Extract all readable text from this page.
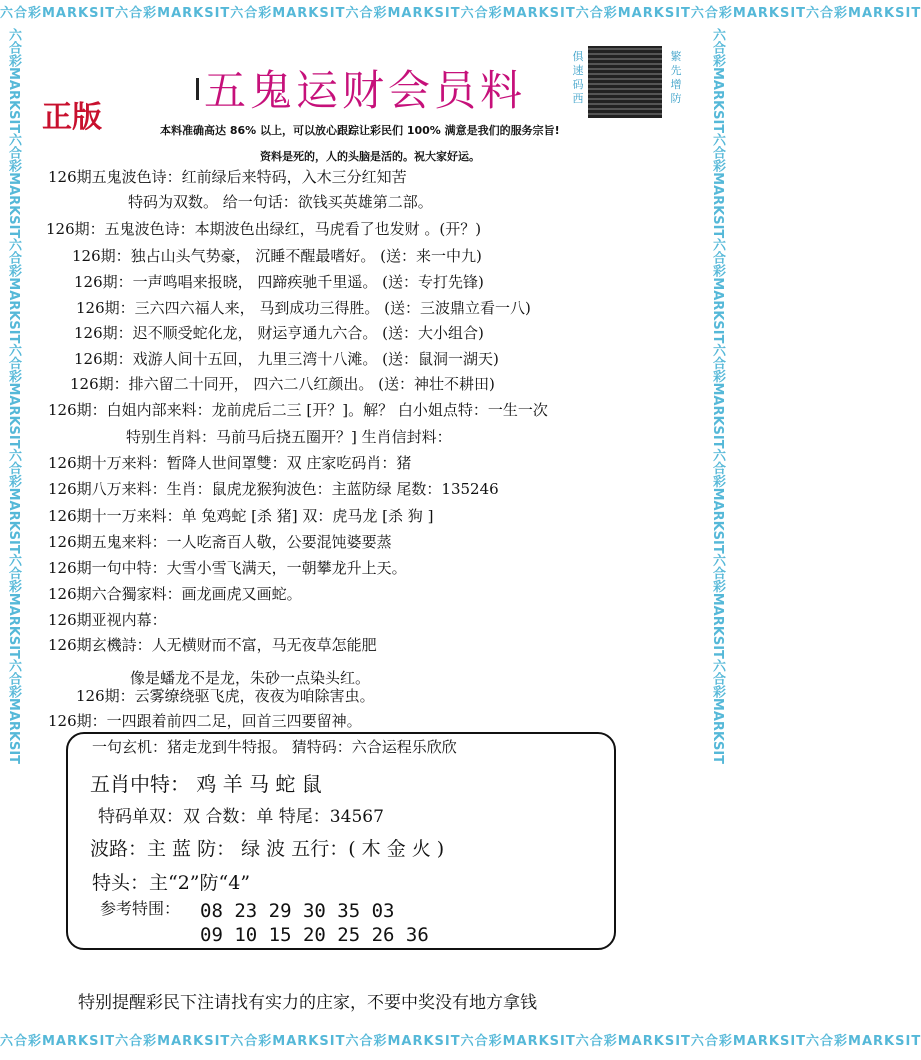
六合彩MARKSIT六合彩MARKSIT六合彩MARKSIT六合彩MARKSIT六合彩MARKSIT六合彩MARKSIT六合彩MARKSIT六合彩MARKSIT
六合彩MARKSIT六合彩MARKSIT六合彩MARKSIT六合彩MARKSIT六合彩MARKSIT六合彩MARKSIT六合彩MARKSIT六合彩MARKSIT
六合彩MARKSIT六合彩MARKSIT六合彩MARKSIT六合彩MARKSIT六合彩MARKSIT六合彩MARKSIT六合彩MARKSIT	六合彩MARKSIT六合彩MARKSIT六合彩MARKSIT六合彩MARKSIT六合彩MARKSIT六合彩MARKSIT六合彩MARKSIT
俱速码西
繁先增防
正版
五鬼运财会员料
本料准确高达 86% 以上，可以放心跟踪让彩民们 100% 满意是我们的服务宗旨!
资料是死的，人的头脑是活的。祝大家好运。
126期五鬼波色诗：红前绿后来特码，入木三分红知苦
特码为双数。 给一句话：欲钱买英雄第二部。
126期：五鬼波色诗：本期波色出绿红，马虎看了也发财 。(开？)
126期：独占山头气势豪， 沉睡不醒最嗜好。 (送：来一中九)
126期：一声鸣唱来报晓， 四蹄疾驰千里遥。 (送：专打先锋)
126期：三六四六福人来， 马到成功三得胜。 (送：三波鼎立看一八)
126期：迟不顺受蛇化龙， 财运亨通九六合。 (送：大小组合)
126期：戏游人间十五回， 九里三湾十八滩。 (送：鼠洞一湖天)
126期：排六留二十同开， 四六二八红颜出。 (送：神壮不耕田)
126期：白姐内部来料：龙前虎后二三 [开？]。解？ 白小姐点特：一生一次
特别生肖料：马前马后挠五圈开？] 生肖信封料：
126期十万来料：暂降人世间罩雙：双 庄家吃码肖：猪
126期八万来料：生肖：鼠虎龙猴狗波色：主蓝防绿 尾数：135246
126期十一万来料：单 兔鸡蛇 [杀 猪] 双：虎马龙 [杀 狗 ]
126期五鬼来料：一人吃斋百人敬，公要混饨婆要蒸
126期一句中特：大雪小雪飞满天，一朝攀龙升上天。
126期六合獨家料：画龙画虎又画蛇。
126期亚视内幕：
126期玄機詩：人无横财而不富，马无夜草怎能肥
像是蟠龙不是龙，朱砂一点染头红。
126期：云雾缭绕驱飞虎，夜夜为咱除害虫。
126期：一四跟着前四二足，回首三四要留神。
一句玄机：猪走龙到牛特报。 猜特码：六合运程乐欣欣
五肖中特： 鸡 羊 马 蛇 鼠
特码单双：双 合数：单 特尾：34567
波路：主 蓝 防： 绿 波 五行：( 木 金 火 )
特头：主“2”防“4”
参考特围： 08 23 29 30 35 03
09 10 15 20 25 26 36
特别提醒彩民下注请找有实力的庄家，不要中奖没有地方拿钱
